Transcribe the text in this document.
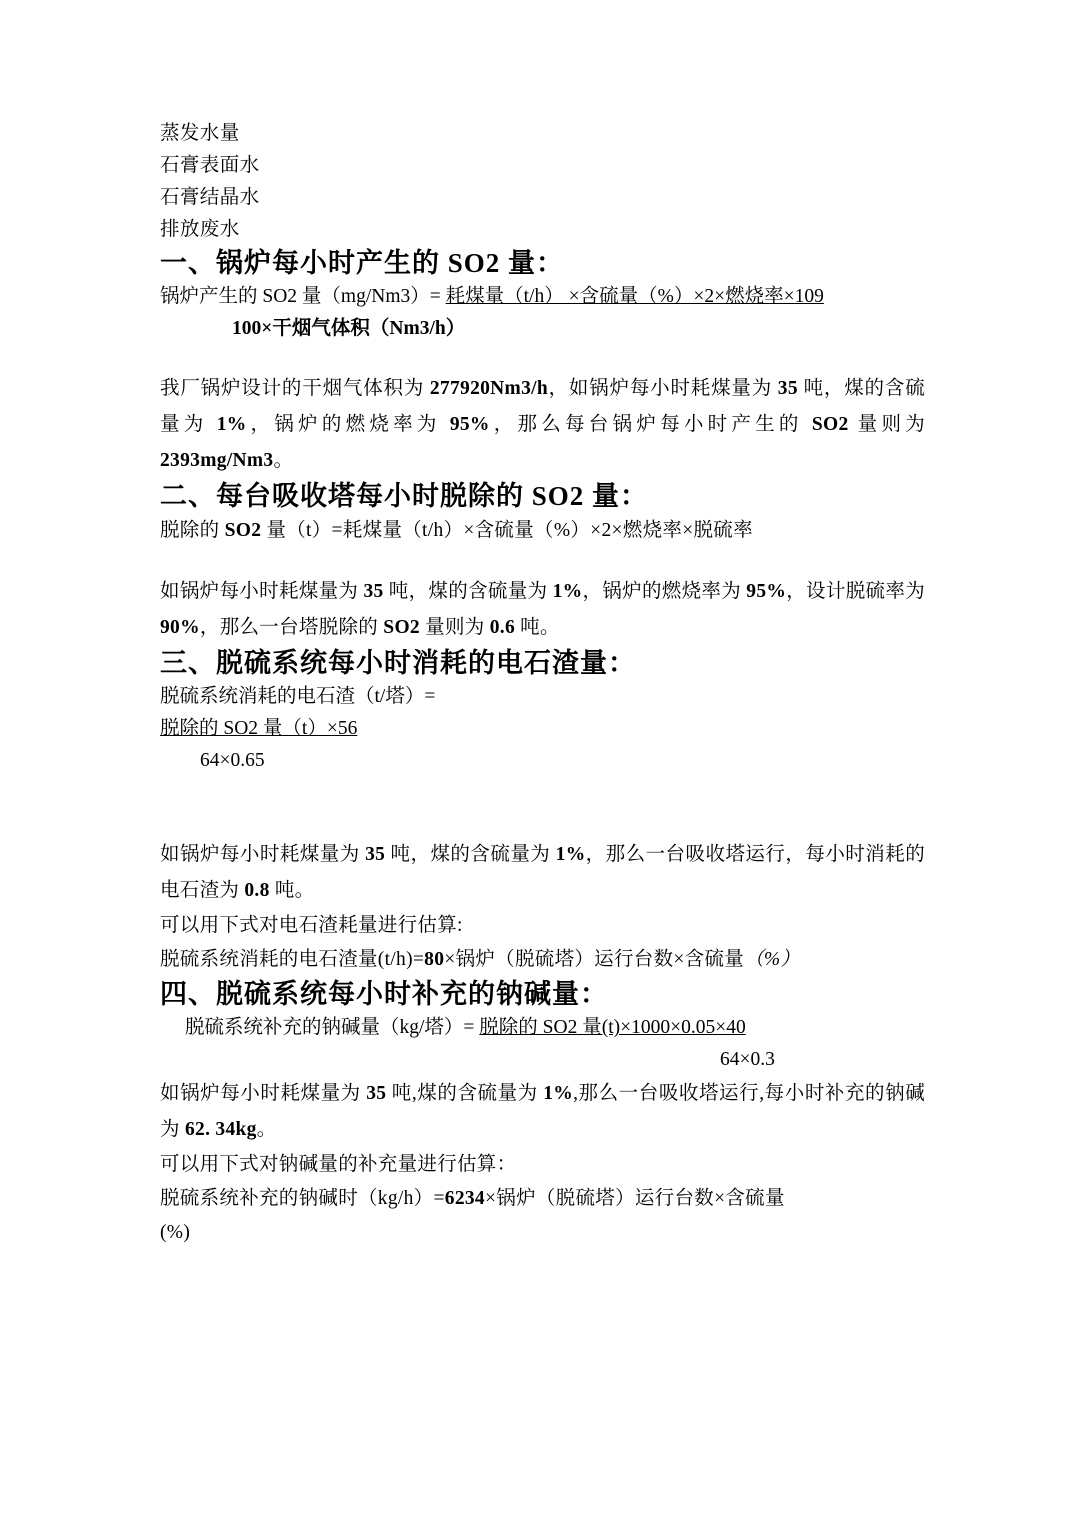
蒸发水量
石膏表面水
石膏结晶水
排放废水
一、锅炉每小时产生的 SO2 量：
锅炉产生的 SO2 量（mg/Nm3）= 耗煤量（t/h） ×含硫量（%）×2×燃烧率×109
100×干烟气体积（Nm3/h）
我厂锅炉设计的干烟气体积为 277920Nm3/h，如锅炉每小时耗煤量为 35 吨，煤的含硫量为 1%，锅炉的燃烧率为 95%，那么每台锅炉每小时产生的 SO2 量则为 2393mg/Nm3。
二、每台吸收塔每小时脱除的 SO2 量：
脱除的 SO2 量（t）=耗煤量（t/h）×含硫量（%）×2×燃烧率×脱硫率
如锅炉每小时耗煤量为 35 吨，煤的含硫量为 1%，锅炉的燃烧率为 95%，设计脱硫率为 90%，那么一台塔脱除的 SO2 量则为 0.6 吨。
三、脱硫系统每小时消耗的电石渣量：
脱硫系统消耗的电石渣（t/塔）=
脱除的 SO2 量（t）×56
64×0.65
如锅炉每小时耗煤量为 35 吨，煤的含硫量为 1%，那么一台吸收塔运行，每小时消耗的电石渣为 0.8 吨。
可以用下式对电石渣耗量进行估算:
脱硫系统消耗的电石渣量(t/h)=80×锅炉（脱硫塔）运行台数×含硫量（%）
四、脱硫系统每小时补充的钠碱量：
脱硫系统补充的钠碱量（kg/塔）= 脱除的 SO2 量(t)×1000×0.05×40
64×0.3
如锅炉每小时耗煤量为 35 吨,煤的含硫量为 1%,那么一台吸收塔运行,每小时补充的钠碱为 62. 34kg。
可以用下式对钠碱量的补充量进行估算：
脱硫系统补充的钠碱时（kg/h）=6234×锅炉（脱硫塔）运行台数×含硫量
(%)
